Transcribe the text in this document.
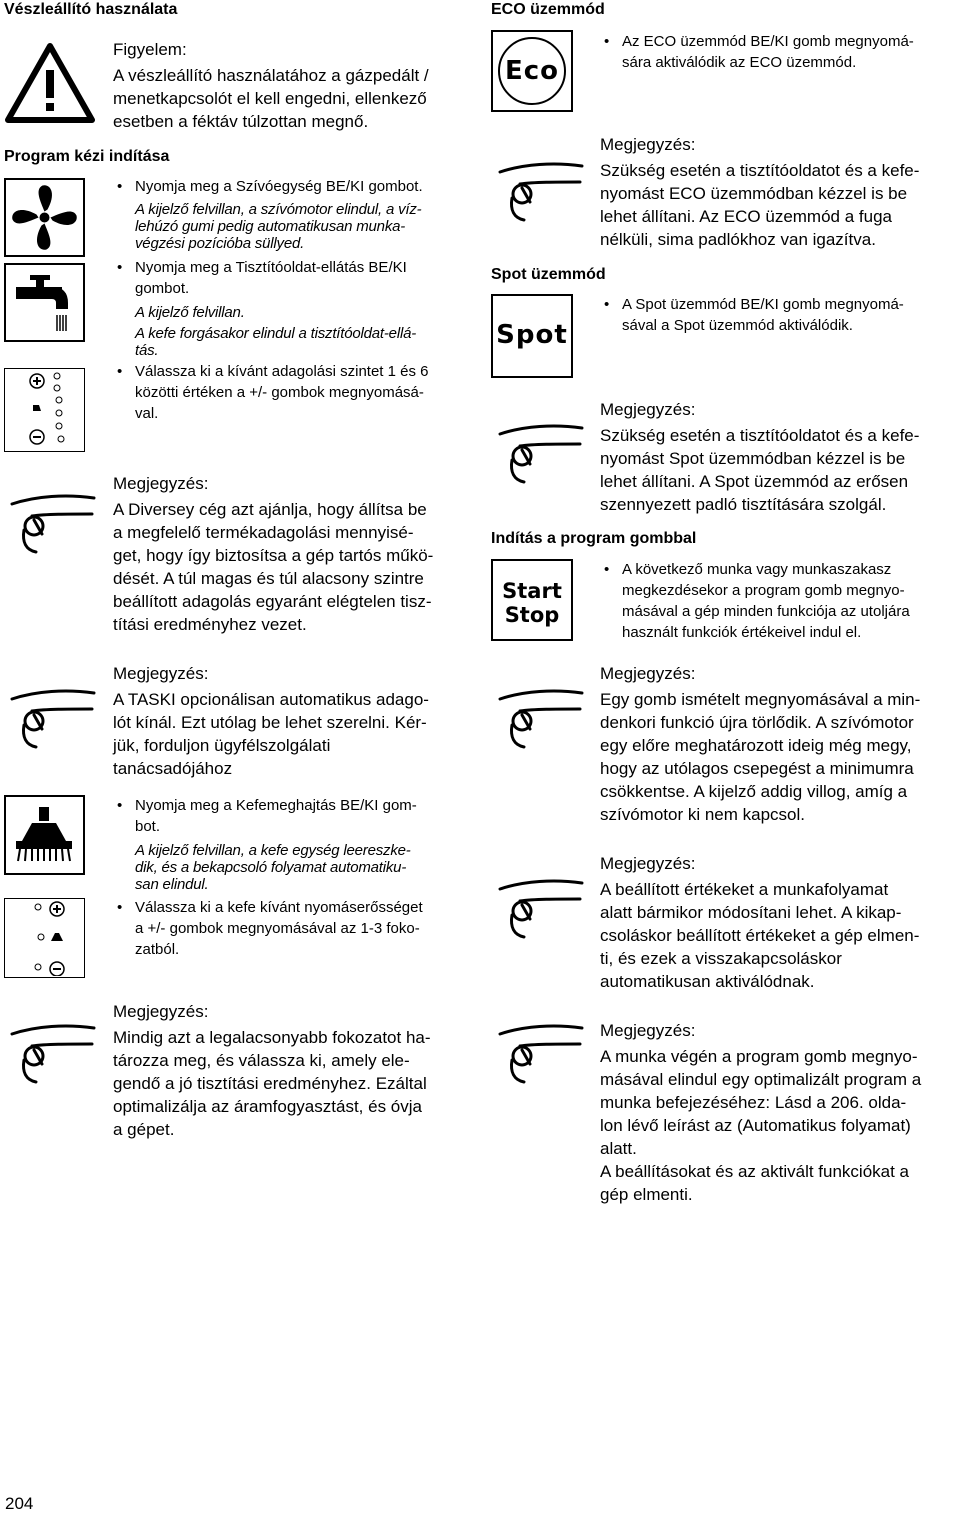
Vészleállító használata
Figyelem:
A vészleállító használatához a gázpedált /
menetkapcsolót el kell engedni, ellenkező
esetben a féktáv túlzottan megnő.
Program kézi indítása
• Nyomja meg a Szívóegység BE/KI gombot.
A kijelző felvillan, a szívómotor elindul, a víz-
lehúzó gumi pedig automatikusan munka-
végzési pozícióba süllyed.
• Nyomja meg a Tisztítóoldat-ellátás BE/KI
gombot.
A kijelző felvillan.
A kefe forgásakor elindul a tisztítóoldat-ellá-
tás.
• Válassza ki a kívánt adagolási szintet 1 és 6
közötti értéken a +/- gombok megnyomásá-
val.
Megjegyzés:
A Diversey cég azt ajánlja, hogy állítsa be
a megfelelő termékadagolási mennyisé-
get, hogy így biztosítsa a gép tartós műkö-
dését. A túl magas és túl alacsony szintre
beállított adagolás egyaránt elégtelen tisz-
títási eredményhez vezet.
Megjegyzés:
A TASKI opcionálisan automatikus adago-
lót kínál. Ezt utólag be lehet szerelni. Kér-
jük, forduljon ügyfélszolgálati
tanácsadójához
• Nyomja meg a Kefemeghajtás BE/KI gom-
bot.
A kijelző felvillan, a kefe egység leereszke-
dik, és a bekapcsoló folyamat automatiku-
san elindul.
• Válassza ki a kefe kívánt nyomáserősséget
a +/- gombok megnyomásával az 1-3 foko-
zatból.
Megjegyzés:
Mindig azt a legalacsonyabb fokozatot ha-
tározza meg, és válassza ki, amely ele-
gendő a jó tisztítási eredményhez. Ezáltal
optimalizálja az áramfogyasztást, és óvja
a gépet.
204
ECO üzemmód
Eco
• Az ECO üzemmód BE/KI gomb megnyomá-
sára aktiválódik az ECO üzemmód.
Megjegyzés:
Szükség esetén a tisztítóoldatot és a kefe-
nyomást ECO üzemmódban kézzel is be
lehet állítani. Az ECO üzemmód a fuga
nélküli, sima padlókhoz van igazítva.
Spot üzemmód
Spot
• A Spot üzemmód BE/KI gomb megnyomá-
sával a Spot üzemmód aktiválódik.
Megjegyzés:
Szükség esetén a tisztítóoldatot és a kefe-
nyomást Spot üzemmódban kézzel is be
lehet állítani. A Spot üzemmód az erősen
szennyezett padló tisztítására szolgál.
Indítás a program gombbal
Start
Stop
• A következő munka vagy munkaszakasz
megkezdésekor a program gomb megnyo-
másával a gép minden funkciója az utoljára
használt funkciók értékeivel indul el.
Megjegyzés:
Egy gomb ismételt megnyomásával a min-
denkori funkció újra törlődik. A szívómotor
egy előre meghatározott ideig még megy,
hogy az utólagos csepegést a minimumra
csökkentse. A kijelző addig villog, amíg a
szívómotor ki nem kapcsol.
Megjegyzés:
A beállított értékeket a munkafolyamat
alatt bármikor módosítani lehet. A kikap-
csoláskor beállított értékeket a gép elmen-
ti, és ezek a visszakapcsoláskor
automatikusan aktiválódnak.
Megjegyzés:
A munka végén a program gomb megnyo-
másával elindul egy optimalizált program a
munka befejezéséhez: Lásd a 206. olda-
lon lévő leírást az (Automatikus folyamat)
alatt.
A beállításokat és az aktivált funkciókat a
gép elmenti.
